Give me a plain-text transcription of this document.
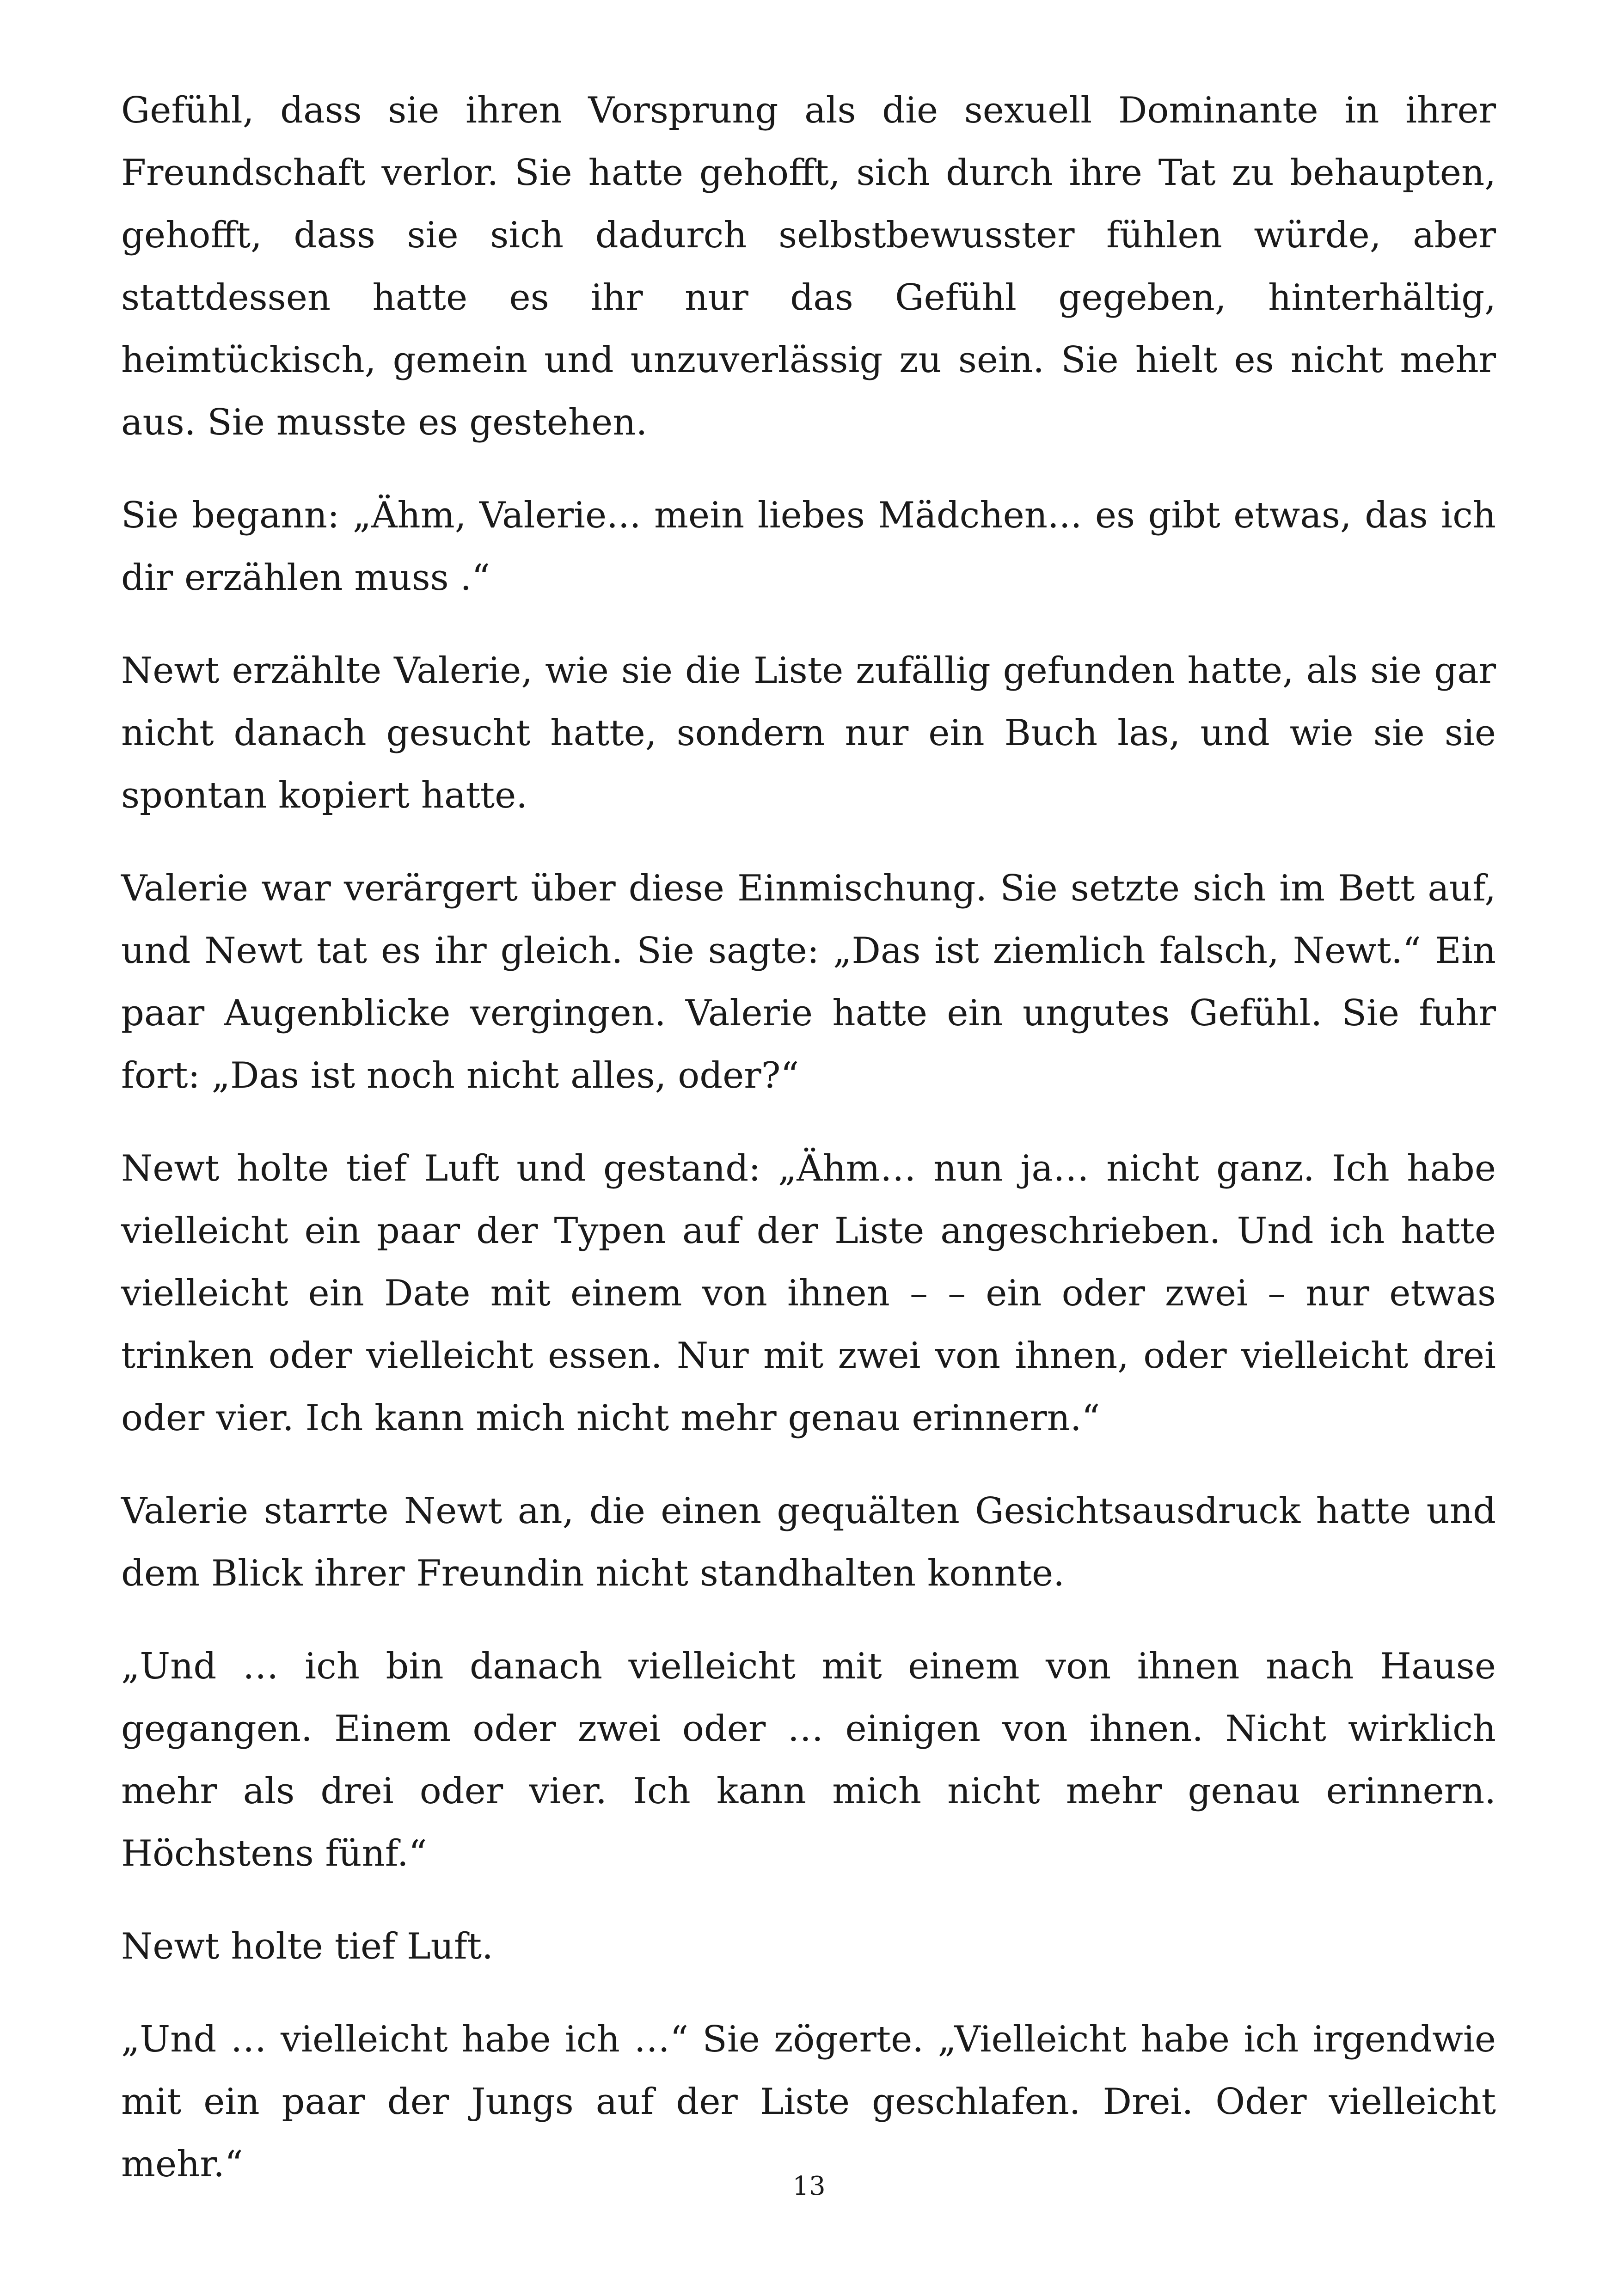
Gefühl, dass sie ihren Vorsprung als die sexuell Dominante in ihrer Freundschaft verlor. Sie hatte gehofft, sich durch ihre Tat zu behaupten, gehofft, dass sie sich dadurch selbstbewusster fühlen würde, aber stattdessen hatte es ihr nur das Gefühl gegeben, hinterhältig, heimtückisch, gemein und unzuverlässig zu sein. Sie hielt es nicht mehr aus. Sie musste es gestehen.

Sie begann: „Ähm, Valerie... mein liebes Mädchen... es gibt etwas, das ich dir erzählen muss .“

Newt erzählte Valerie, wie sie die Liste zufällig gefunden hatte, als sie gar nicht danach gesucht hatte, sondern nur ein Buch las, und wie sie sie spontan kopiert hatte.

Valerie war verärgert über diese Einmischung. Sie setzte sich im Bett auf, und Newt tat es ihr gleich. Sie sagte: „Das ist ziemlich falsch, Newt.“ Ein paar Augenblicke vergingen. Valerie hatte ein ungutes Gefühl. Sie fuhr fort: „Das ist noch nicht alles, oder?“

Newt holte tief Luft und gestand: „Ähm… nun ja… nicht ganz. Ich habe vielleicht ein paar der Typen auf der Liste angeschrieben. Und ich hatte vielleicht ein Date mit einem von ihnen – – ein oder zwei – nur etwas trinken oder vielleicht essen. Nur mit zwei von ihnen, oder vielleicht drei oder vier. Ich kann mich nicht mehr genau erinnern.“

Valerie starrte Newt an, die einen gequälten Gesichtsausdruck hatte und dem Blick ihrer Freundin nicht standhalten konnte.

„Und … ich bin danach vielleicht mit einem von ihnen nach Hause gegangen. Einem oder zwei oder … einigen von ihnen. Nicht wirklich mehr als drei oder vier. Ich kann mich nicht mehr genau erinnern. Höchstens fünf.“

Newt holte tief Luft.

„Und … vielleicht habe ich …“ Sie zögerte. „Vielleicht habe ich irgendwie mit ein paar der Jungs auf der Liste geschlafen. Drei. Oder vielleicht mehr.“

13
